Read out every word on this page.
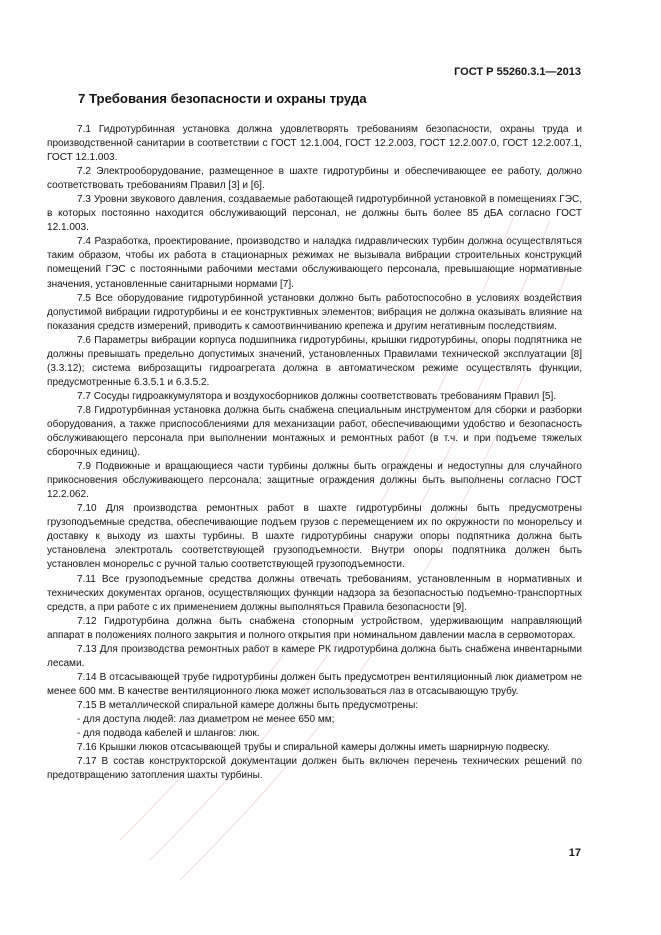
ГОСТ Р 55260.3.1—2013
7 Требования безопасности и охраны труда

7.1 Гидротурбинная установка должна удовлетворять требованиям безопасности, охраны труда и производственной санитарии в соответствии с ГОСТ 12.1.004, ГОСТ 12.2.003, ГОСТ 12.2.007.0, ГОСТ 12.2.007.1, ГОСТ 12.1.003.

7.2 Электрооборудование, размещенное в шахте гидротурбины и обеспечивающее ее работу, должно соответствовать требованиям Правил [3] и [6].

7.3 Уровни звукового давления, создаваемые работающей гидротурбинной установкой в помещениях ГЭС, в которых постоянно находится обслуживающий персонал, не должны быть более 85 дБА согласно ГОСТ 12.1.003.

7.4 Разработка, проектирование, производство и наладка гидравлических турбин должна осуществляться таким образом, чтобы их работа в стационарных режимах не вызывала вибрации строительных конструкций помещений ГЭС с постоянными рабочими местами обслуживающего персонала, превышающие нормативные значения, установленные санитарными нормами [7].

7.5 Все оборудование гидротурбинной установки должно быть работоспособно в условиях воздействия допустимой вибрации гидротурбины и ее конструктивных элементов; вибрация не должна оказывать влияние на показания средств измерений, приводить к самоотвинчиванию крепежа и другим негативным последствиям.

7.6 Параметры вибрации корпуса подшипника гидротурбины, крышки гидротурбины, опоры подпятника не должны превышать предельно допустимых значений, установленных Правилами технической эксплуатации [8] (3.3.12); система виброзащиты гидроагрегата должна в автоматическом режиме осуществлять функции, предусмотренные 6.3.5.1 и 6.3.5.2.

7.7 Сосуды гидроаккумулятора и воздухосборников должны соответствовать требованиям Правил [5].

7.8 Гидротурбинная установка должна быть снабжена специальным инструментом для сборки и разборки оборудования, а также приспособлениями для механизации работ, обеспечивающими удобство и безопасность обслуживающего персонала при выполнении монтажных и ремонтных работ (в т.ч. и при подъеме тяжелых сборочных единиц).

7.9 Подвижные и вращающиеся части турбины должны быть ограждены и недоступны для случайного прикосновения обслуживающего персонала; защитные ограждения должны быть выполнены согласно ГОСТ 12.2.062.

7.10 Для производства ремонтных работ в шахте гидротурбины должны быть предусмотрены грузоподъемные средства, обеспечивающие подъем грузов с перемещением их по окружности по монорельсу и доставку к выходу из шахты турбины. В шахте гидротурбины снаружи опоры подпятника должна быть установлена электроталь соответствующей грузоподъемности. Внутри опоры подпятника должен быть установлен монорельс с ручной талью соответствующей грузоподъемности.

7.11 Все грузоподъемные средства должны отвечать требованиям, установленным в нормативных и технических документах органов, осуществляющих функции надзора за безопасностью подъемно-транспортных средств, а при работе с их применением должны выполняться Правила безопасности [9].

7.12 Гидротурбина должна быть снабжена стопорным устройством, удерживающим направляющий аппарат в положениях полного закрытия и полного открытия при номинальном давлении масла в сервомоторах.

7.13 Для производства ремонтных работ в камере РК гидротурбина должна быть снабжена инвентарными лесами.

7.14 В отсасывающей трубе гидротурбины должен быть предусмотрен вентиляционный люк диаметром не менее 600 мм. В качестве вентиляционного люка может использоваться лаз в отсасывающую трубу.

7.15 В металлической спиральной камере должны быть предусмотрены:

- для доступа людей: лаз диаметром не менее 650 мм;

- для подвода кабелей и шлангов: люк.

7.16 Крышки люков отсасывающей трубы и спиральной камеры должны иметь шарнирную подвеску.

7.17 В состав конструкторской документации должен быть включен перечень технических решений по предотвращению затопления шахты турбины.

17
